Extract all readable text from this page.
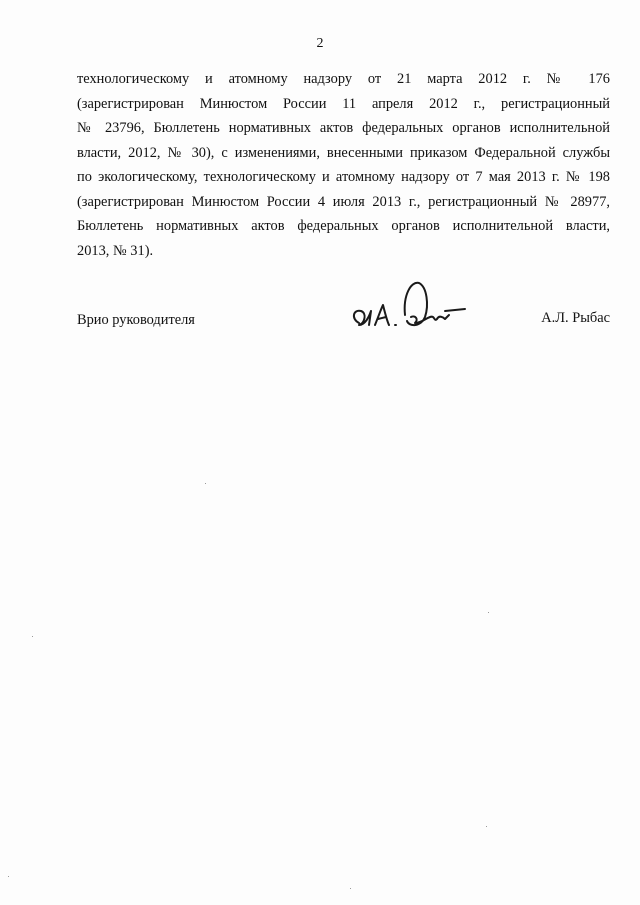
2
технологическому и атомному надзору от 21 марта 2012 г. № 176
(зарегистрирован Минюстом России 11 апреля 2012 г., регистрационный
№ 23796, Бюллетень нормативных актов федеральных органов исполнительной
власти, 2012, № 30), с изменениями, внесенными приказом Федеральной службы
по экологическому, технологическому и атомному надзору от 7 мая 2013 г. № 198
(зарегистрирован Минюстом России 4 июля 2013 г., регистрационный № 28977,
Бюллетень нормативных актов федеральных органов исполнительной власти,
2013, № 31).
Врио руководителя	А.Л. Рыбас
